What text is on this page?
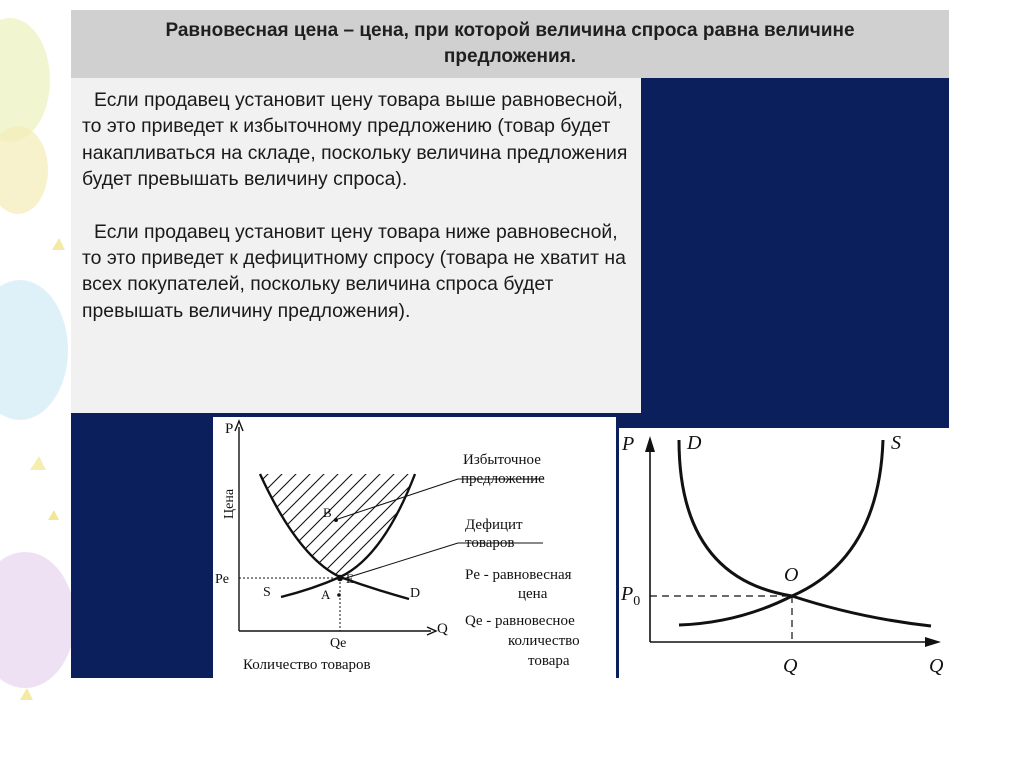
Равновесная цена – цена, при которой величина спроса равна величине предложения.

Если продавец установит цену товара выше равновесной, то это приведет к избыточному предложению (товар будет накапливаться на складе, поскольку величина предложения будет превышать величину спроса).

Если продавец установит цену товара ниже равновесной, то это приведет к дефицитному спросу (товара не хватит на всех покупателей, поскольку величина спроса будет превышать величину предложения).

P
Цена
Q
Количество товаров
Pe
Qe
B
E
A
S	D
Избыточное
предложение
Дефицит
товаров
Pe - равновесная
цена
Qe - равновесное
количество
товара
P
Q
D	S
O
$P_0$
Q
